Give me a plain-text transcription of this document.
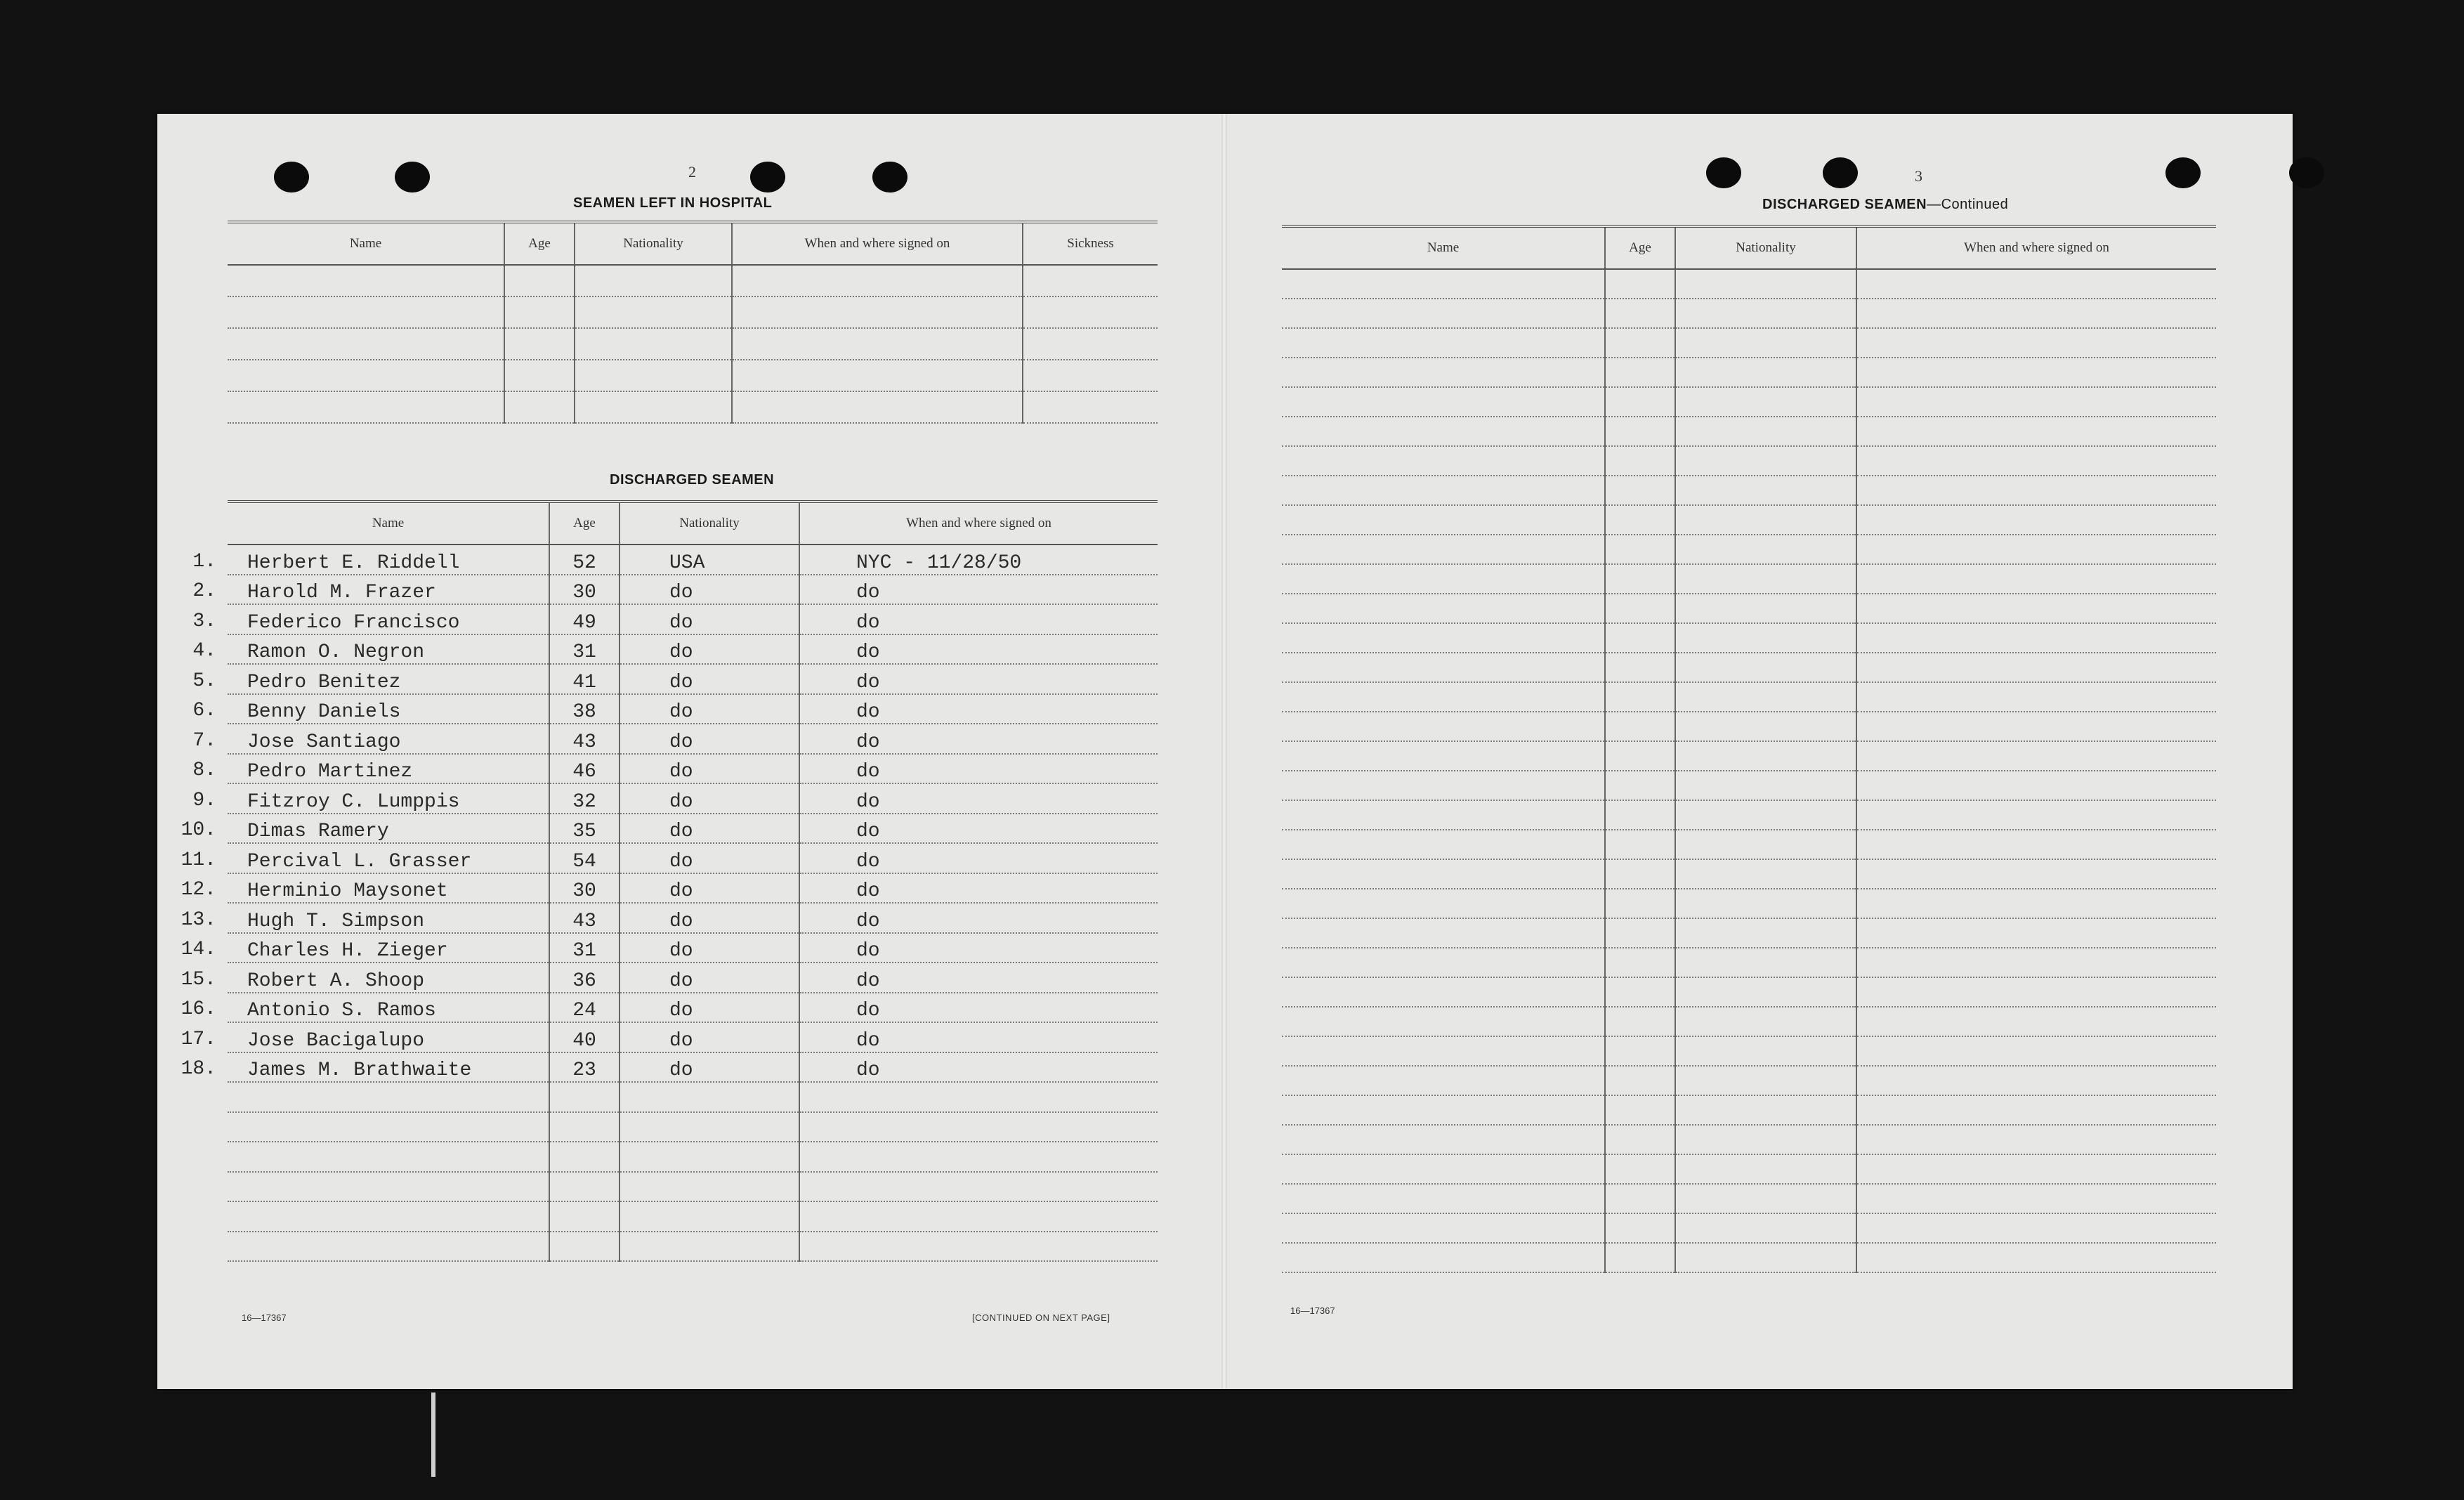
2
SEAMEN LEFT IN HOSPITAL
Name	Age	Nationality	When and where signed on	Sickness

DISCHARGED SEAMEN
Name	Age	Nationality	When and where signed on

1. Herbert E. Riddell	52	USA	NYC - 11/28/50

2. Harold M. Frazer	30	do	do

3. Federico Francisco	49	do	do

4. Ramon O. Negron	31	do	do

5. Pedro Benitez	41	do	do

6. Benny Daniels	38	do	do

7. Jose Santiago	43	do	do

8. Pedro Martinez	46	do	do

9. Fitzroy C. Lumppis	32	do	do

10. Dimas Ramery	35	do	do

11. Percival L. Grasser	54	do	do

12. Herminio Maysonet	30	do	do

13. Hugh T. Simpson	43	do	do

14. Charles H. Zieger	31	do	do

15. Robert A. Shoop	36	do	do

16. Antonio S. Ramos	24	do	do

17. Jose Bacigalupo	40	do	do

18. James M. Brathwaite	23	do	do

16—17367	[CONTINUED ON NEXT PAGE]
3
DISCHARGED SEAMEN—Continued
Name	Age	Nationality	When and where signed on

16—17367
